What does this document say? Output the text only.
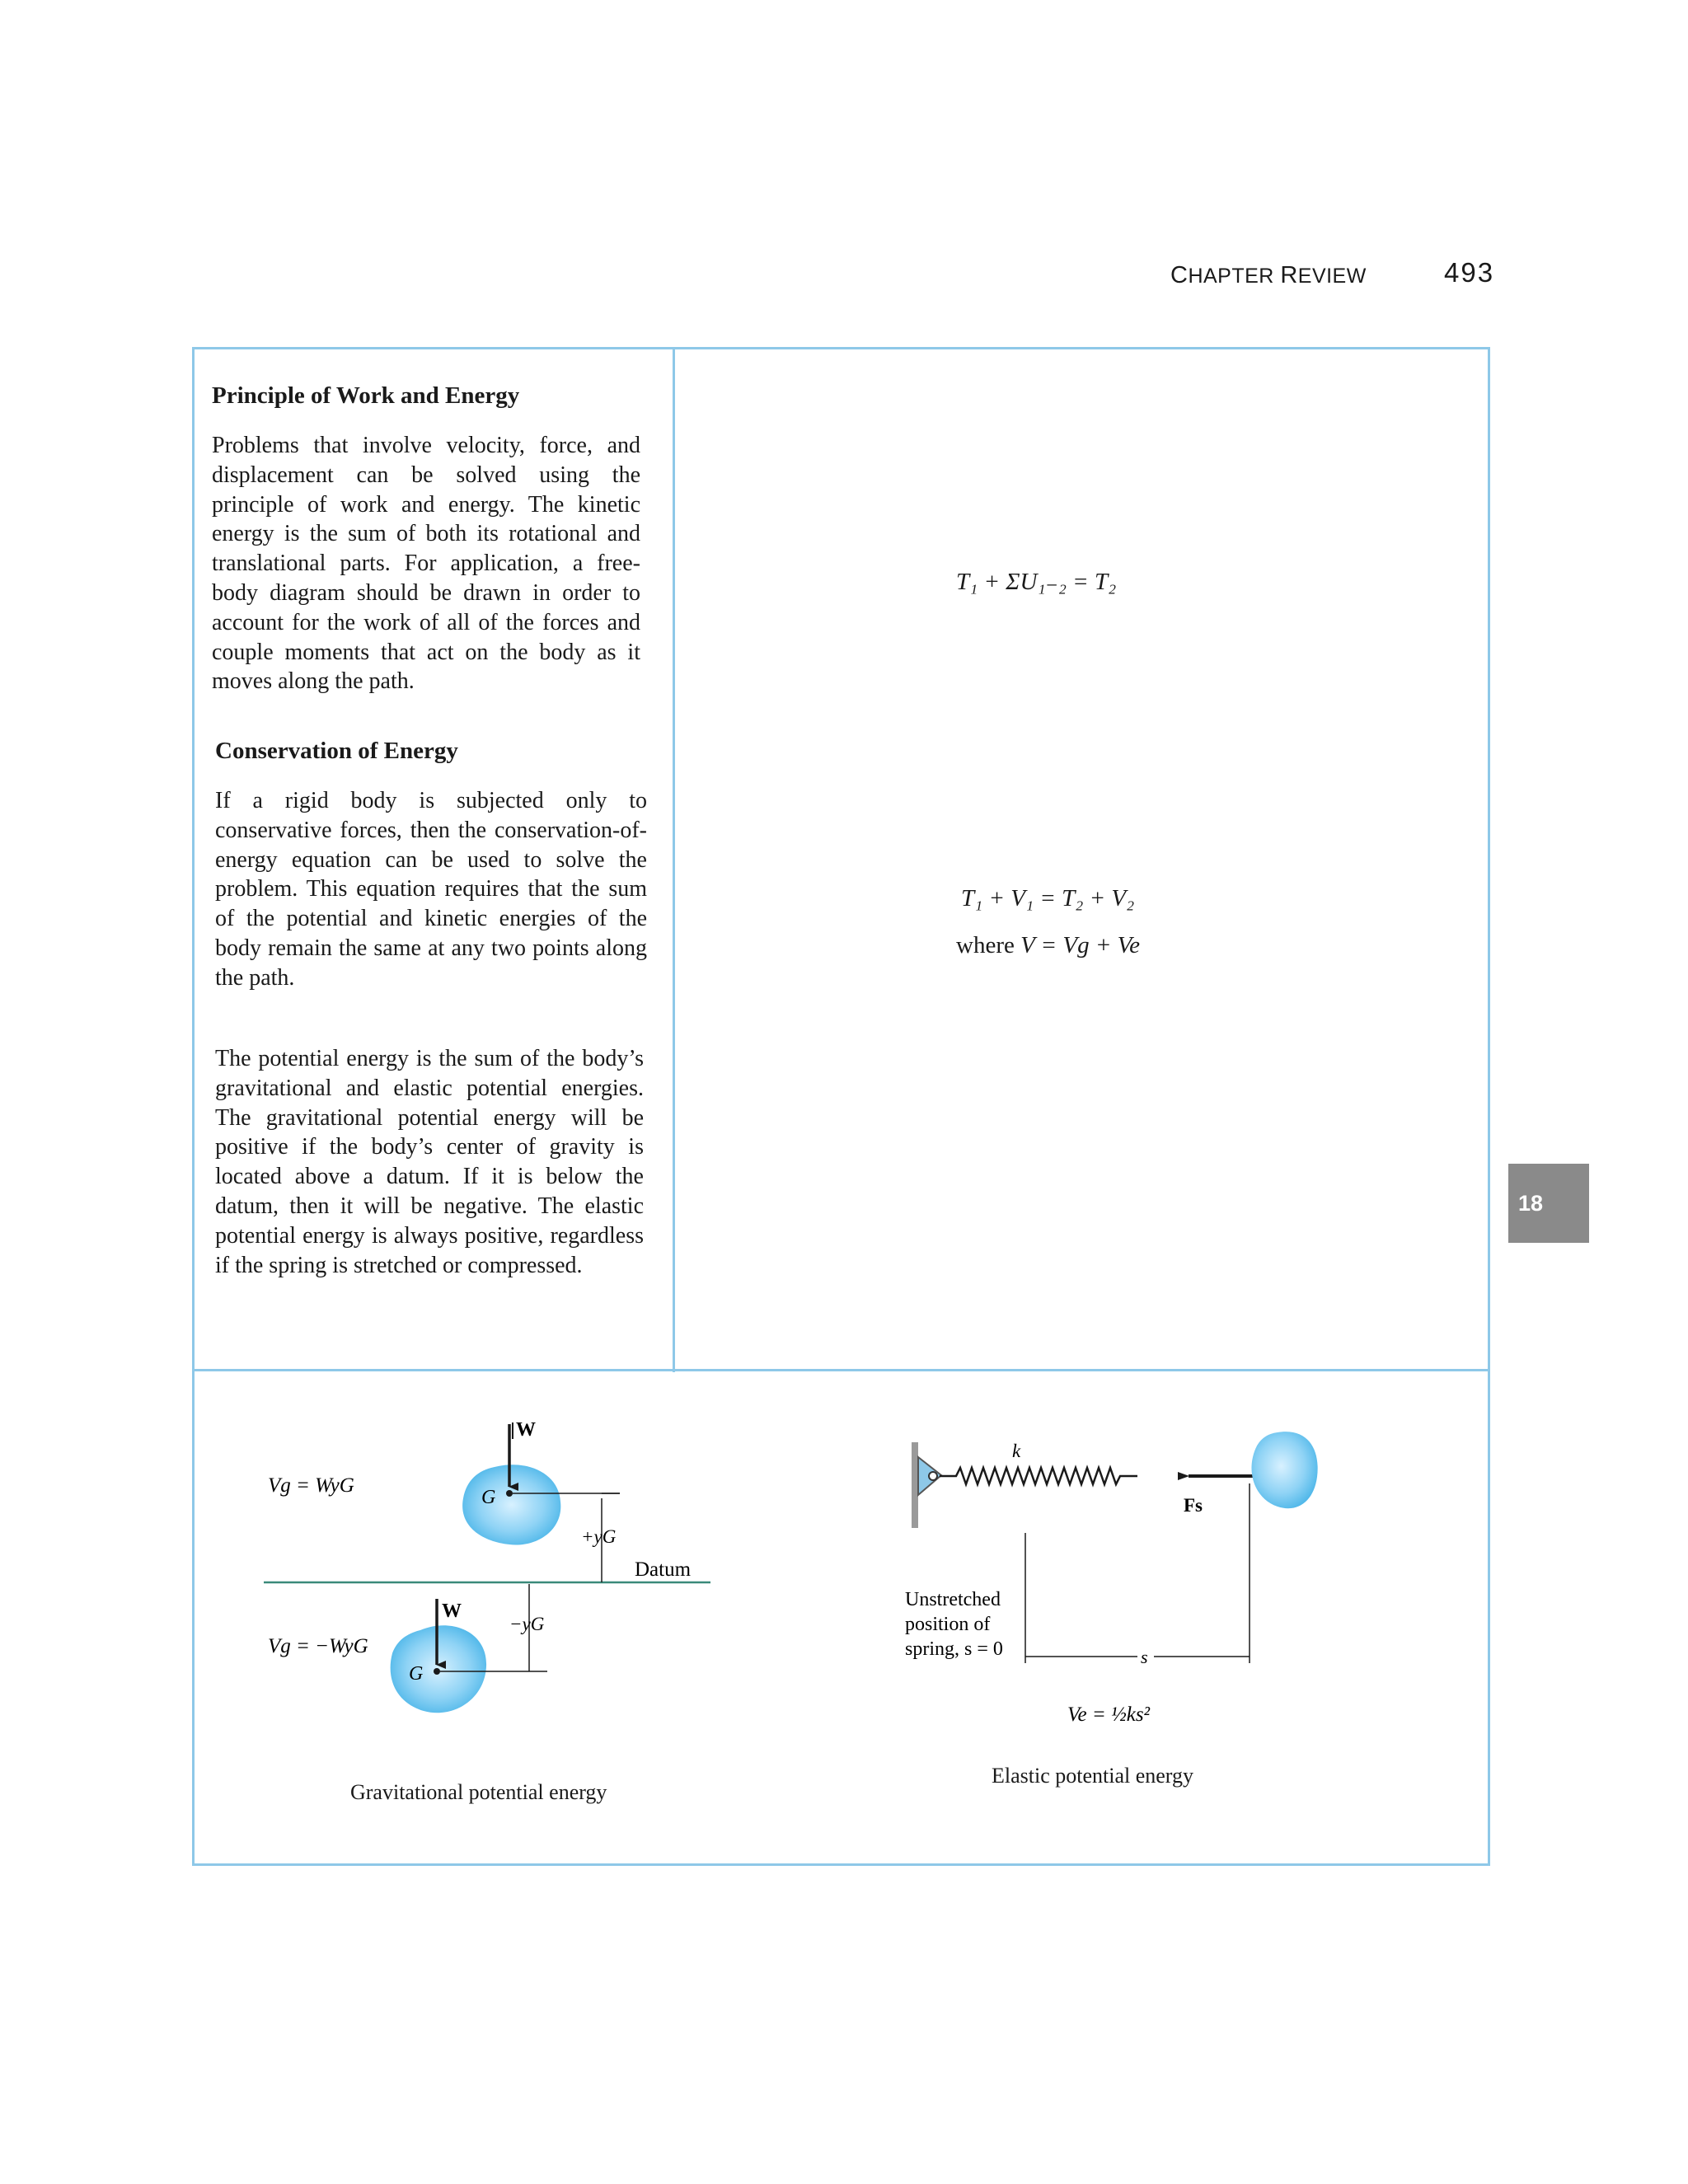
CHAPTER REVIEW	493
18
Principle of Work and Energy
Problems that involve velocity, force, and displacement can be solved using the principle of work and energy. The kinetic energy is the sum of both its rotational and translational parts. For application, a free-body diagram should be drawn in order to account for the work of all of the forces and couple moments that act on the body as it moves along the path.
Conservation of Energy
If a rigid body is subjected only to conservative forces, then the conservation-of-energy equation can be used to solve the problem. This equation requires that the sum of the potential and kinetic energies of the body remain the same at any two points along the path.
The potential energy is the sum of the body’s gravitational and elastic potential energies. The gravitational potential energy will be positive if the body’s center of gravity is located above a datum. If it is below the datum, then it will be negative. The elastic potential energy is always positive, regardless if the spring is stretched or compressed.
T₁ + ΣU₁₋₂ = T₂
T₁ + V₁ = T₂ + V₂
where V = Vg + Ve
Datum
W
G
Vg = WyG
+yG
W
G
Vg = −WyG
−yG
Gravitational potential energy
k
Fs
s
Unstretched
position of
spring, s = 0
Ve = ½ks²
Elastic potential energy
